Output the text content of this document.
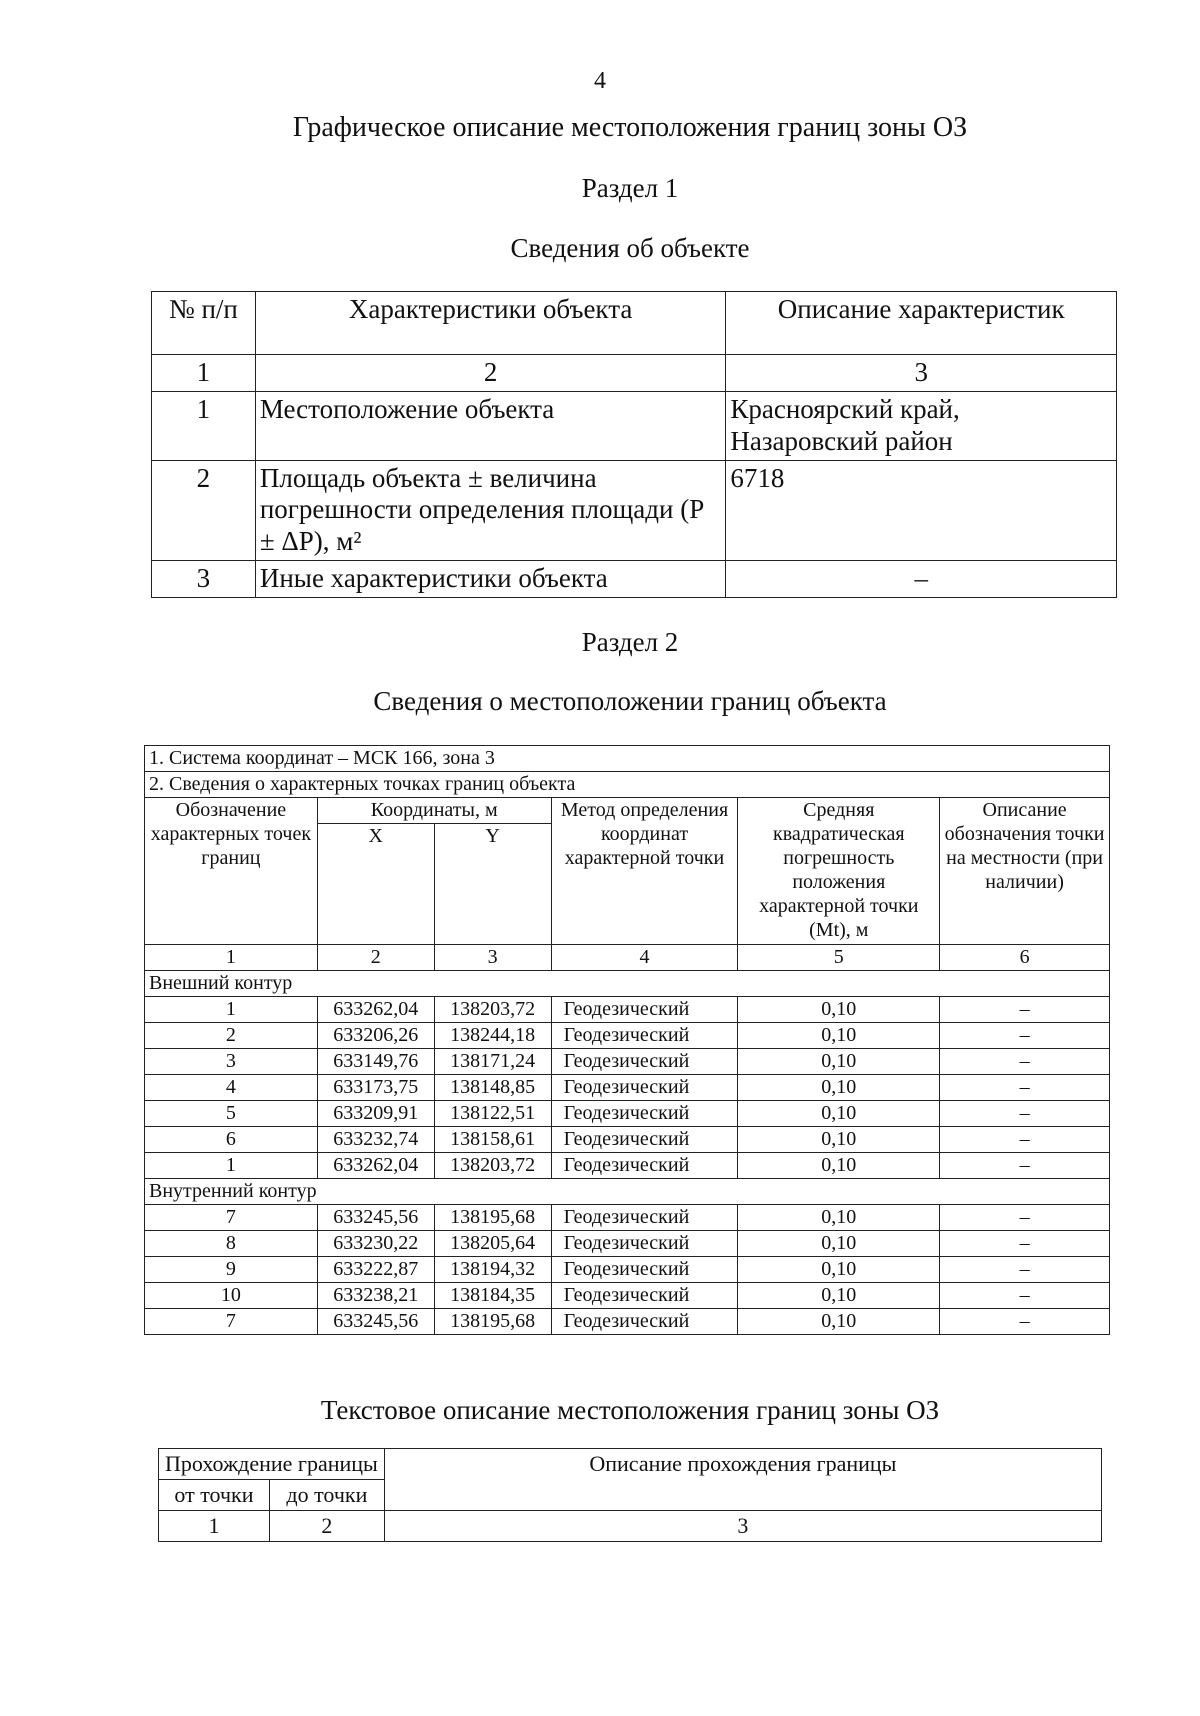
4
Графическое описание местоположения границ зоны ОЗ
Раздел 1
Сведения об объекте
№ п/п	Характеристики объекта	Описание характеристик
1	2	3
1	Местоположение объекта	Красноярский край, Назаровский район
2	Площадь объекта ± величина погрешности определения площади (P ± ΔP), м²	6718
3	Иные характеристики объекта	–
Раздел 2
Сведения о местоположении границ объекта
1. Система координат – МСК 166, зона 3					
2. Сведения о характерных точках границ объекта					
Обозначение характерных точек границ	Координаты, м		Метод определения координат характерной точки	Средняя квадратическая погрешность положения характерной точки (Mt), м	Описание обозначения точки на местности (при наличии)
	X	Y			
1	2	3	4	5	6
Внешний контур					
1	633262,04	138203,72	Геодезический	0,10	–
2	633206,26	138244,18	Геодезический	0,10	–
3	633149,76	138171,24	Геодезический	0,10	–
4	633173,75	138148,85	Геодезический	0,10	–
5	633209,91	138122,51	Геодезический	0,10	–
6	633232,74	138158,61	Геодезический	0,10	–
1	633262,04	138203,72	Геодезический	0,10	–
Внутренний контур					
7	633245,56	138195,68	Геодезический	0,10	–
8	633230,22	138205,64	Геодезический	0,10	–
9	633222,87	138194,32	Геодезический	0,10	–
10	633238,21	138184,35	Геодезический	0,10	–
7	633245,56	138195,68	Геодезический	0,10	–
Текстовое описание местоположения границ зоны ОЗ
Прохождение границы		Описание прохождения границы
от точки	до точки	
1	2	3
